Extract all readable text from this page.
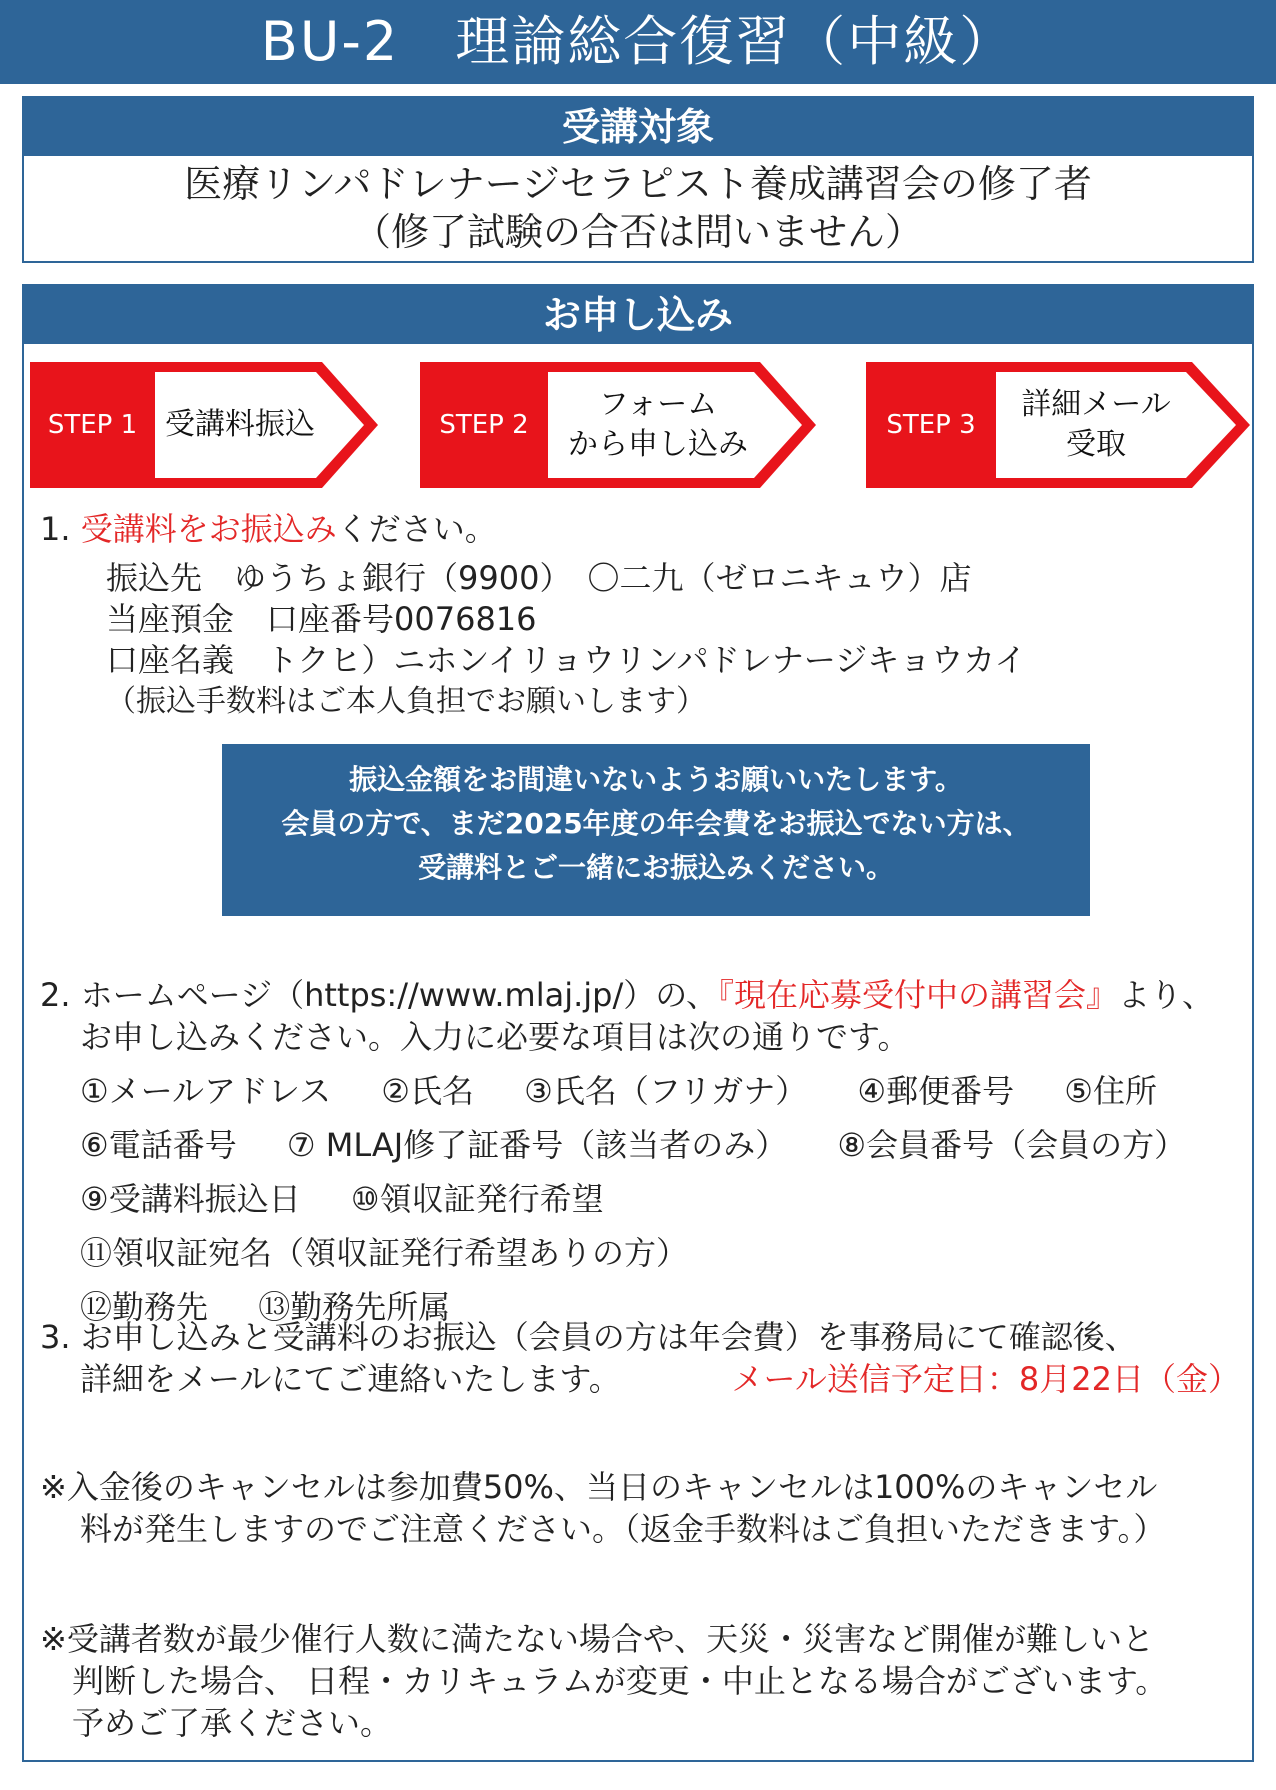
BU-2　理論総合復習（中級）
受講対象
医療リンパドレナージセラピスト養成講習会の修了者
（修了試験の合否は問いません）
お申し込み
STEP 1 受講料振込	STEP 2
フォーム
から申し込み
STEP 3
詳細メール
受取
1. 受講料をお振込みください。
振込先　ゆうちょ銀行（9900）　〇二九（ゼロニキュウ）店
当座預金　口座番号0076816
口座名義　トクヒ）ニホンイリョウリンパドレナージキョウカイ
（振込手数料はご本人負担でお願いします）
振込金額をお間違いないようお願いいたします。
会員の方で、まだ2025年度の年会費をお振込でない方は、
受講料とご一緒にお振込みください。
2. ホームページ（https://www.mlaj.jp/）の、『現在応募受付中の講習会』より、
お申し込みください。入力に必要な項目は次の通りです。
①メールアドレス ②氏名 ③氏名（フリガナ） ④郵便番号 ⑤住所
⑥電話番号 ⑦ MLAJ修了証番号（該当者のみ） ⑧会員番号（会員の方）
⑨受講料振込日 ⑩領収証発行希望 ⑪領収証宛名（領収証発行希望ありの方）
⑫勤務先 ⑬勤務先所属
3. お申し込みと受講料のお振込（会員の方は年会費）を事務局にて確認後、
詳細をメールにてご連絡いたします。	メール送信予定日：8月22日（金）
※入金後のキャンセルは参加費50%、当日のキャンセルは100%のキャンセル
料が発生しますのでご注意ください。（返金手数料はご負担いただきます。）
※受講者数が最少催行人数に満たない場合や、天災・災害など開催が難しいと
判断した場合、 日程・カリキュラムが変更・中止となる場合がございます。
予めご了承ください。
